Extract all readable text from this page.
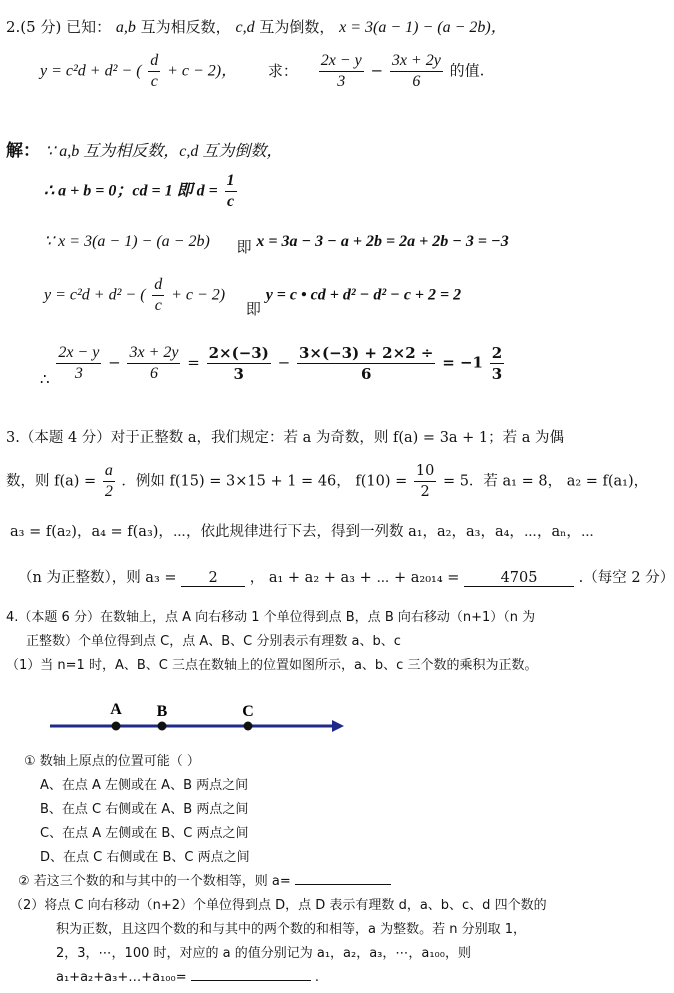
2.(5 分) 已知： a,b 互为相反数， c,d 互为倒数， x = 3(a − 1) − (a − 2b)，
y = c²d + d² − ( $\frac{d}{c} + c - 2$)， 求： $\frac{2x - y}{3} - \frac{3x + 2y}{6}$ 的值.
解： ∵ a,b 互为相反数，c,d 互为倒数，
∴ a + b = 0；cd = 1 即 $d = \frac{1}{c}$
∵ x = 3(a − 1) − (a − 2b) 即 x = 3a − 3 − a + 2b = 2a + 2b − 3 = −3
y = c²d + d² − ( $\frac{d}{c} + c - 2$) 即 y = c • cd + d² − d² − c + 2 = 2
∴ $\frac{2x - y}{3} - \frac{3x + 2y}{6} = \frac{2\times(-3)}{3} - \frac{3\times(-3) + 2\times 2 \div}{6} = -1 \frac{2}{3}$
3.（本题 4 分）对于正整数 a，我们规定：若 a 为奇数，则 f(a) = 3a + 1；若 a 为偶
数，则 $f(a) = \frac{a}{2}$ ．例如 f(15) = 3×15 + 1 = 46， $f(10) = \frac{10}{2} = 5$．若 a₁ = 8， a₂ = f(a₁)，
a₃ = f(a₂)，a₄ = f(a₃)，⋯，依此规律进行下去，得到一列数 a₁，a₂，a₃，a₄，⋯，aₙ，⋯
（n 为正整数），则 a₃ = 2 ， a₁ + a₂ + a₃ + ⋯ + a₂₀₁₄ =	4705	.（每空 2 分）
4.（本题 6 分）在数轴上，点 A 向右移动 1 个单位得到点 B，点 B 向右移动（n+1）（n 为
正整数）个单位得到点 C，点 A、B、C 分别表示有理数 a、b、c
（1）当 n=1 时，A、B、C 三点在数轴上的位置如图所示，a、b、c 三个数的乘积为正数。
A B	C
① 数轴上原点的位置可能（ ）
A、在点 A 左侧或在 A、B 两点之间
B、在点 C 右侧或在 A、B 两点之间
C、在点 A 左侧或在 B、C 两点之间
D、在点 C 右侧或在 B、C 两点之间
② 若这三个数的和与其中的一个数相等，则 a=
（2）将点 C 向右移动（n+2）个单位得到点 D，点 D 表示有理数 d，a、b、c、d 四个数的
积为正数，且这四个数的和与其中的两个数的和相等，a 为整数。若 n 分别取 1，
2，3，⋯，100 时，对应的 a 的值分别记为 a₁，a₂，a₃，⋯，a₁₀₀，则
a₁+a₂+a₃+…+a₁₀₀=	.
